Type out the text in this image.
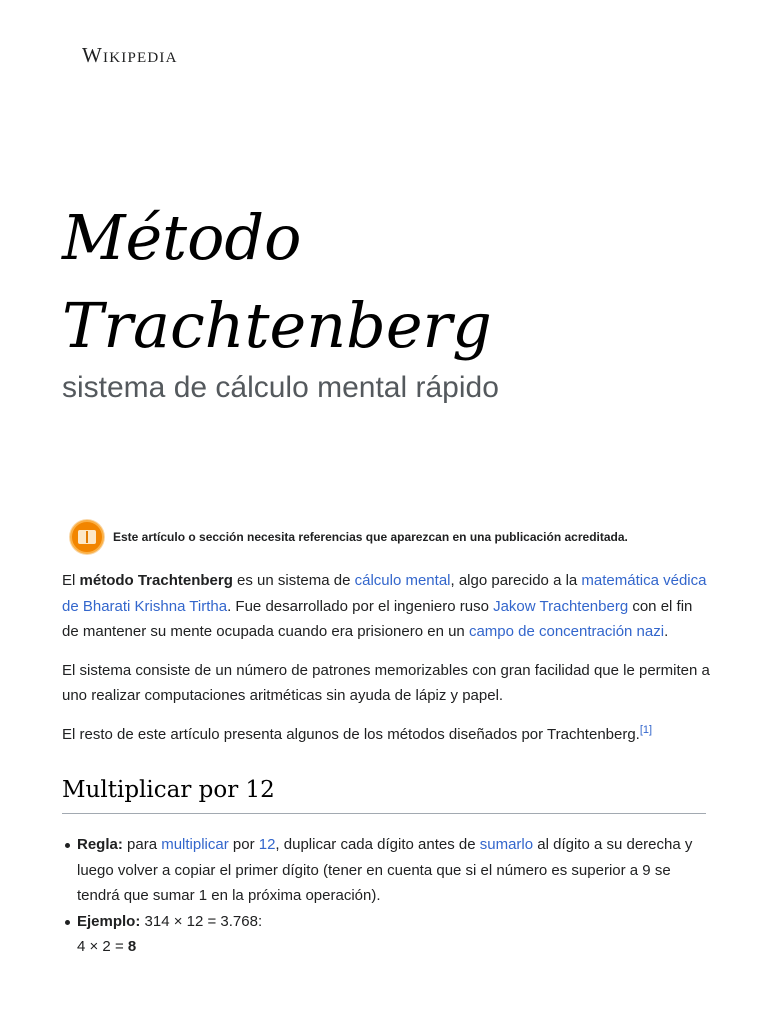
Wikipedia
Método
Trachtenberg
sistema de cálculo mental rápido
Este artículo o sección necesita referencias que aparezcan en una publicación acreditada.

El método Trachtenberg es un sistema de cálculo mental, algo parecido a la matemática védica de Bharati Krishna Tirtha. Fue desarrollado por el ingeniero ruso Jakow Trachtenberg con el fin de mantener su mente ocupada cuando era prisionero en un campo de concentración nazi.

El sistema consiste de un número de patrones memorizables con gran facilidad que le permiten a uno realizar computaciones aritméticas sin ayuda de lápiz y papel.

El resto de este artículo presenta algunos de los métodos diseñados por Trachtenberg.[1]

Multiplicar por 12
Regla: para multiplicar por 12, duplicar cada dígito antes de sumarlo al dígito a su derecha y luego volver a copiar el primer dígito (tener en cuenta que si el número es superior a 9 se tendrá que sumar 1 en la próxima operación).
Ejemplo: 314 × 12 = 3.768:
4 × 2 = 8
